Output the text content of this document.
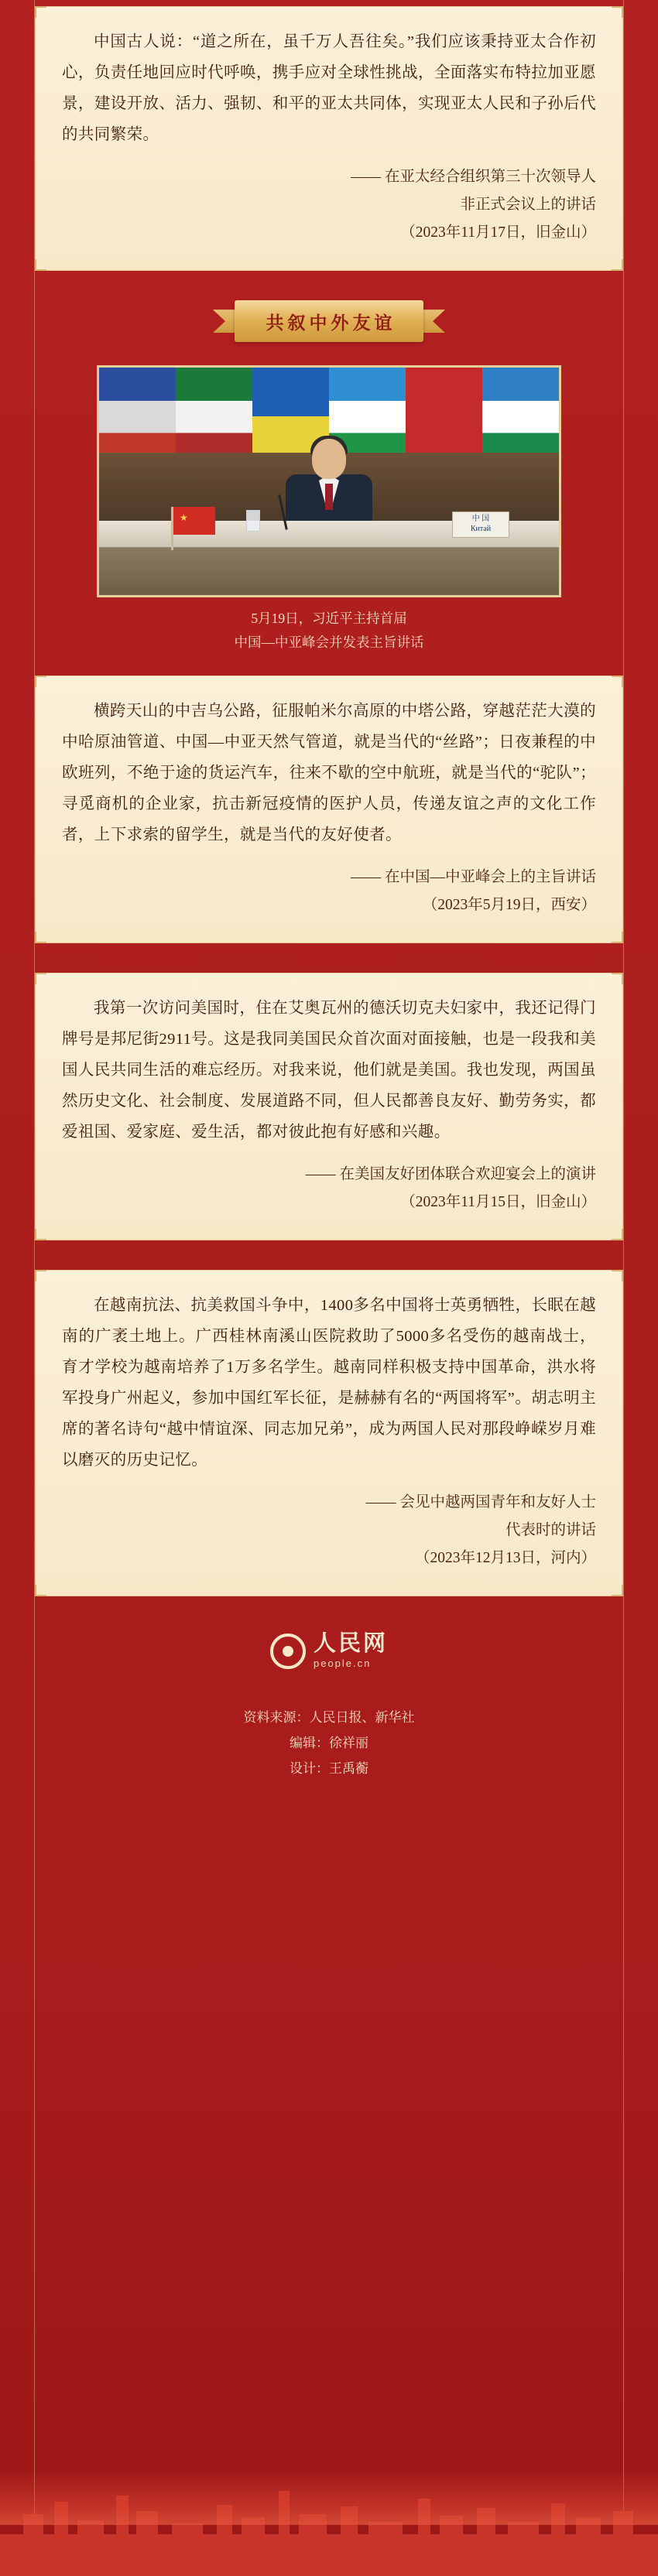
中国古人说：“道之所在，虽千万人吾往矣。”我们应该秉持亚太合作初心，负责任地回应时代呼唤，携手应对全球性挑战，全面落实布特拉加亚愿景，建设开放、活力、强韧、和平的亚太共同体，实现亚太人民和子孙后代的共同繁荣。
—— 在亚太经合组织第三十次领导人
非正式会议上的讲话
（2023年11月17日，旧金山）
共叙中外友谊
★	中 国
Китай
5月19日，习近平主持首届
中国—中亚峰会并发表主旨讲话
横跨天山的中吉乌公路，征服帕米尔高原的中塔公路，穿越茫茫大漠的中哈原油管道、中国—中亚天然气管道，就是当代的“丝路”；日夜兼程的中欧班列，不绝于途的货运汽车，往来不歇的空中航班，就是当代的“驼队”；寻觅商机的企业家，抗击新冠疫情的医护人员，传递友谊之声的文化工作者，上下求索的留学生，就是当代的友好使者。
—— 在中国—中亚峰会上的主旨讲话
（2023年5月19日，西安）
我第一次访问美国时，住在艾奥瓦州的德沃切克夫妇家中，我还记得门牌号是邦尼街2911号。这是我同美国民众首次面对面接触，也是一段我和美国人民共同生活的难忘经历。对我来说，他们就是美国。我也发现，两国虽然历史文化、社会制度、发展道路不同，但人民都善良友好、勤劳务实，都爱祖国、爱家庭、爱生活，都对彼此抱有好感和兴趣。
—— 在美国友好团体联合欢迎宴会上的演讲
（2023年11月15日，旧金山）
在越南抗法、抗美救国斗争中，1400多名中国将士英勇牺牲，长眠在越南的广袤土地上。广西桂林南溪山医院救助了5000多名受伤的越南战士，育才学校为越南培养了1万多名学生。越南同样积极支持中国革命，洪水将军投身广州起义，参加中国红军长征，是赫赫有名的“两国将军”。胡志明主席的著名诗句“越中情谊深、同志加兄弟”，成为两国人民对那段峥嵘岁月难以磨灭的历史记忆。
—— 会见中越两国青年和友好人士
代表时的讲话
（2023年12月13日，河内）
人民网
people.cn
资料来源：人民日报、新华社
编辑：徐祥丽
设计：王禹蘅
